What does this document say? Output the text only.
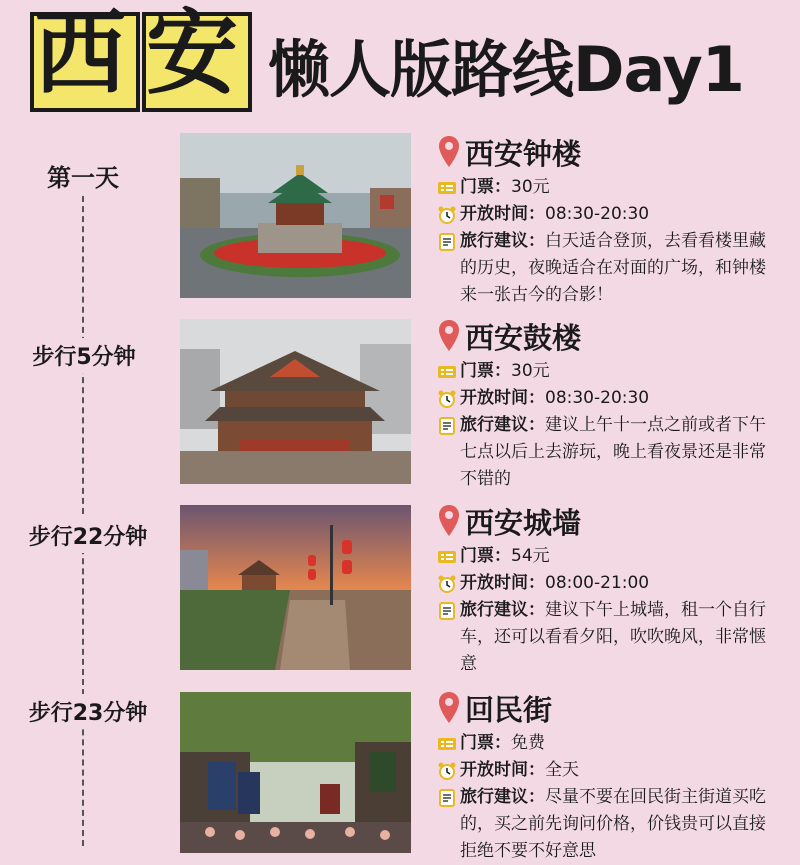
西 安 懒人版路线Day1
第一天
步行5分钟
步行22分钟
步行23分钟
西安钟楼
门票： 30元
开放时间： 08:30-20:30
旅行建议：白天适合登顶，去看看楼里藏的历史，夜晚适合在对面的广场，和钟楼来一张古今的合影！
西安鼓楼
门票： 30元
开放时间： 08:30-20:30
旅行建议：建议上午十一点之前或者下午七点以后上去游玩，晚上看夜景还是非常不错的
西安城墙
门票： 54元
开放时间： 08:00-21:00
旅行建议：建议下午上城墙，租一个自行车，还可以看看夕阳，吹吹晚风，非常惬意
回民街
门票： 免费
开放时间： 全天
旅行建议：尽量不要在回民街主街道买吃的，买之前先询问价格，价钱贵可以直接拒绝不要不好意思
